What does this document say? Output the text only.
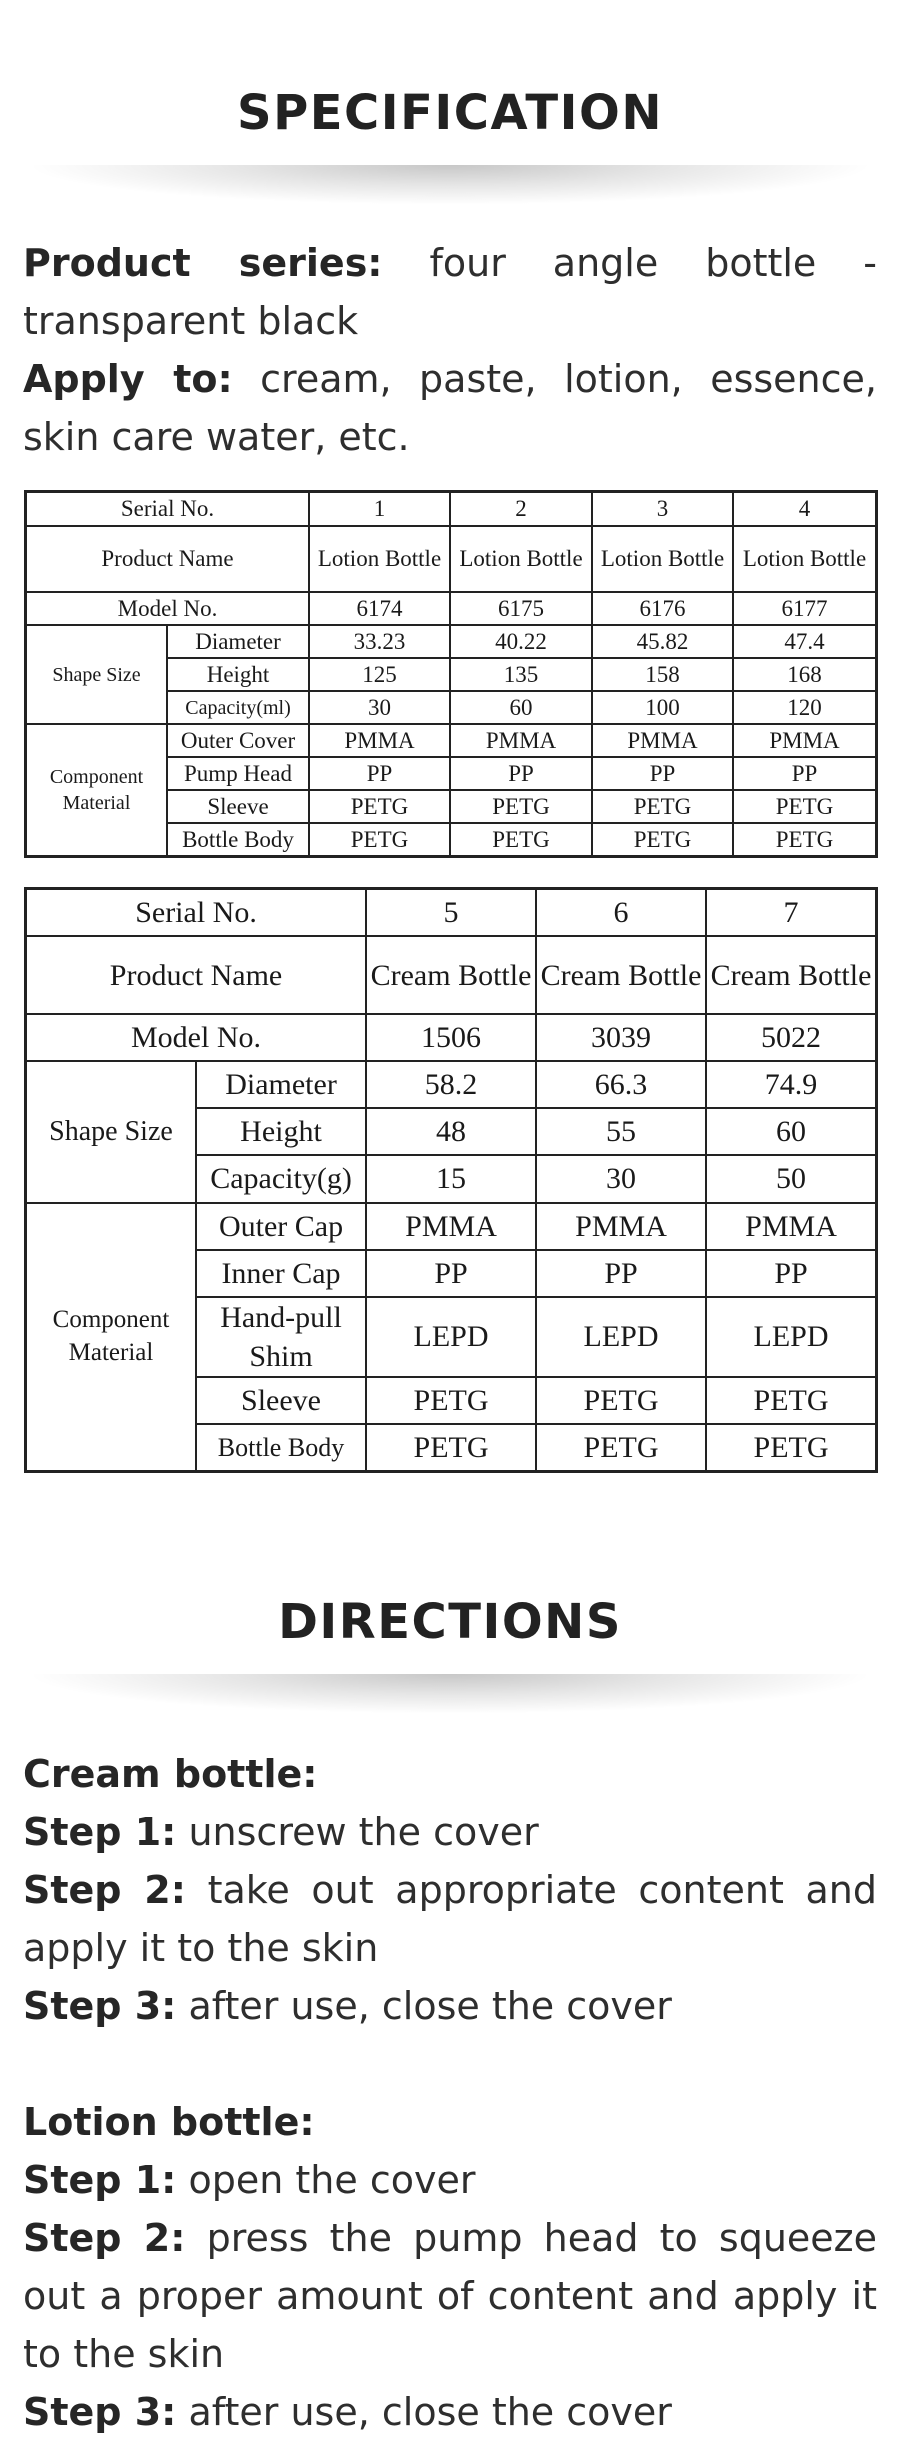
SPECIFICATION
Product series: four angle bottle - transparent black
Apply to: cream, paste, lotion, essence, skin care water, etc.
Serial No.		1	2	3	4
Product Name		Lotion Bottle	Lotion Bottle	Lotion Bottle	Lotion Bottle
Model No.		6174	6175	6176	6177
Shape Size	Diameter	33.23	40.22	45.82	47.4
	Height	125	135	158	168
	Capacity(ml)	30	60	100	120
Component Material	Outer Cover	PMMA	PMMA	PMMA	PMMA
	Pump Head	PP	PP	PP	PP
	Sleeve	PETG	PETG	PETG	PETG
	Bottle Body	PETG	PETG	PETG	PETG
Serial No.		5	6	7
Product Name		Cream Bottle	Cream Bottle	Cream Bottle
Model No.		1506	3039	5022
Shape Size	Diameter	58.2	66.3	74.9
	Height	48	55	60
	Capacity(g)	15	30	50
Component Material	Outer Cap	PMMA	PMMA	PMMA
	Inner Cap	PP	PP	PP
	Hand-pull Shim	LEPD	LEPD	LEPD
	Sleeve	PETG	PETG	PETG
	Bottle Body	PETG	PETG	PETG
DIRECTIONS
Cream bottle:
Step 1: unscrew the cover
Step 2: take out appropriate content and apply it to the skin
Step 3: after use, close the cover
Lotion bottle:
Step 1: open the cover
Step 2: press the pump head to squeeze out a proper amount of content and apply it to the skin
Step 3: after use, close the cover
